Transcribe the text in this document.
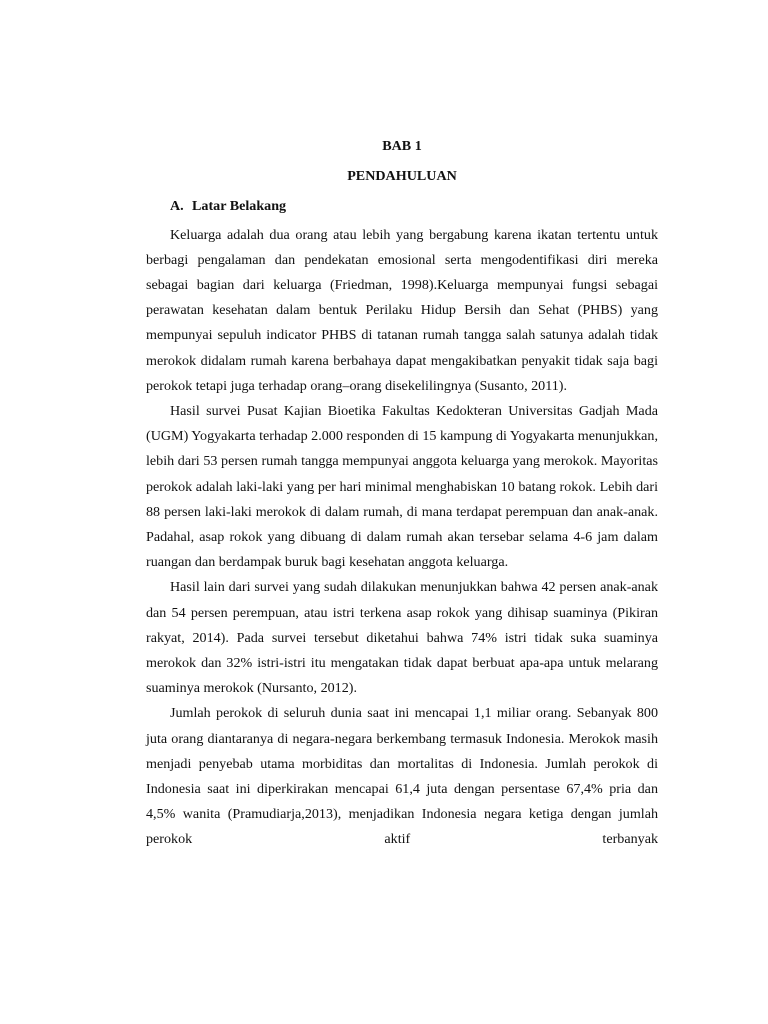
BAB 1

PENDAHULUAN

A. Latar Belakang

Keluarga adalah dua orang atau lebih yang bergabung karena ikatan tertentu untuk berbagi pengalaman dan pendekatan emosional serta mengodentifikasi diri mereka sebagai bagian dari keluarga (Friedman, 1998).Keluarga mempunyai fungsi sebagai perawatan kesehatan dalam bentuk Perilaku Hidup Bersih dan Sehat (PHBS) yang mempunyai sepuluh indicator PHBS di tatanan rumah tangga salah satunya adalah tidak merokok didalam rumah karena berbahaya dapat mengakibatkan penyakit tidak saja bagi perokok tetapi juga terhadap orang–orang disekelilingnya (Susanto, 2011).

Hasil survei Pusat Kajian Bioetika Fakultas Kedokteran Universitas Gadjah Mada (UGM) Yogyakarta terhadap 2.000 responden di 15 kampung di Yogyakarta menunjukkan, lebih dari 53 persen rumah tangga mempunyai anggota keluarga yang merokok. Mayoritas perokok adalah laki-laki yang per hari minimal menghabiskan 10 batang rokok. Lebih dari 88 persen laki-laki merokok di dalam rumah, di mana terdapat perempuan dan anak-anak. Padahal, asap rokok yang dibuang di dalam rumah akan tersebar selama 4-6 jam dalam ruangan dan berdampak buruk bagi kesehatan anggota keluarga.

Hasil lain dari survei yang sudah dilakukan menunjukkan bahwa 42 persen anak-anak dan 54 persen perempuan, atau istri terkena asap rokok yang dihisap suaminya (Pikiran rakyat, 2014). Pada survei tersebut diketahui bahwa 74% istri tidak suka suaminya merokok dan 32% istri-istri itu mengatakan tidak dapat berbuat apa-apa untuk melarang suaminya merokok (Nursanto, 2012).

Jumlah perokok di seluruh dunia saat ini mencapai 1,1 miliar orang. Sebanyak 800 juta orang diantaranya di negara-negara berkembang termasuk Indonesia. Merokok masih menjadi penyebab utama morbiditas dan mortalitas di Indonesia. Jumlah perokok di Indonesia saat ini diperkirakan mencapai 61,4 juta dengan persentase 67,4% pria dan 4,5% wanita (Pramudiarja,2013), menjadikan Indonesia negara ketiga dengan jumlah perokok aktif terbanyak
